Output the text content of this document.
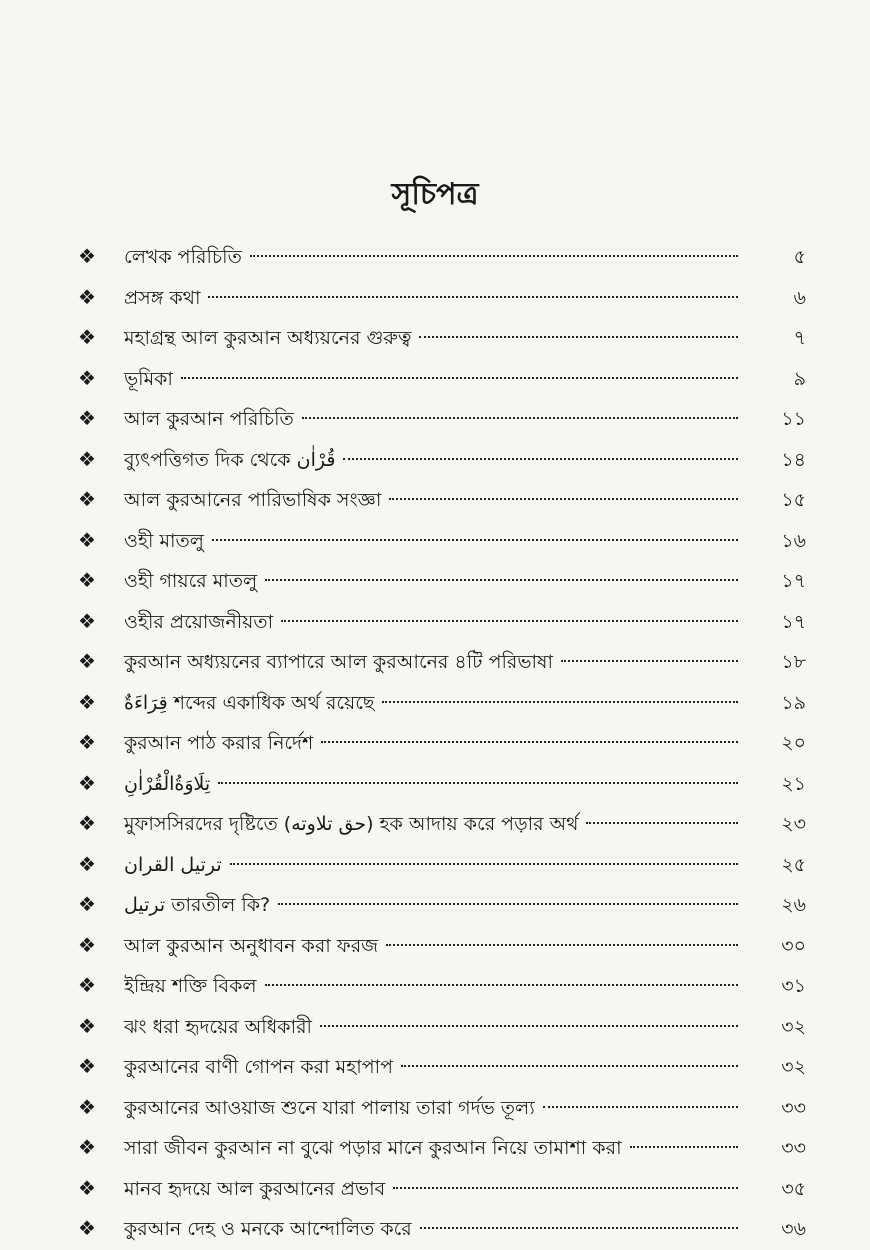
সূচিপত্র
❖	লেখক পরিচিতি	৫
❖	প্রসঙ্গ কথা	৬
❖	মহাগ্রন্থ আল কুরআন অধ্যয়নের গুরুত্ব	৭
❖	ভূমিকা	৯
❖	আল কুরআন পরিচিতি	১১
❖	ব্যুৎপত্তিগত দিক থেকে قُرْاٰن	১৪
❖	আল কুরআনের পারিভাষিক সংজ্ঞা	১৫
❖	ওহী মাতলু	১৬
❖	ওহী গায়রে মাতলু	১৭
❖	ওহীর প্রয়োজনীয়তা	১৭
❖	কুরআন অধ্যয়নের ব্যাপারে আল কুরআনের ৪টি পরিভাষা	১৮
❖	قِرَاءَةٌ শব্দের একাধিক অর্থ রয়েছে	১৯
❖	কুরআন পাঠ করার নির্দেশ	২০
❖	تِلَاوَةُالْقُرْاٰنِ	২১
❖	মুফাসসিরদের দৃষ্টিতে (حق تلاوته) হক আদায় করে পড়ার অর্থ	২৩
❖	ترتيل القران	২৫
❖	ترتيل তারতীল কি?	২৬
❖	আল কুরআন অনুধাবন করা ফরজ	৩০
❖	ইন্দ্রিয় শক্তি বিকল	৩১
❖	ঝং ধরা হৃদয়ের অধিকারী	৩২
❖	কুরআনের বাণী গোপন করা মহাপাপ	৩২
❖	কুরআনের আওয়াজ শুনে যারা পালায় তারা গর্দভ তূল্য	৩৩
❖	সারা জীবন কুরআন না বুঝে পড়ার মানে কুরআন নিয়ে তামাশা করা	৩৩
❖	মানব হৃদয়ে আল কুরআনের প্রভাব	৩৫
❖	কুরআন দেহ ও মনকে আন্দোলিত করে	৩৬
